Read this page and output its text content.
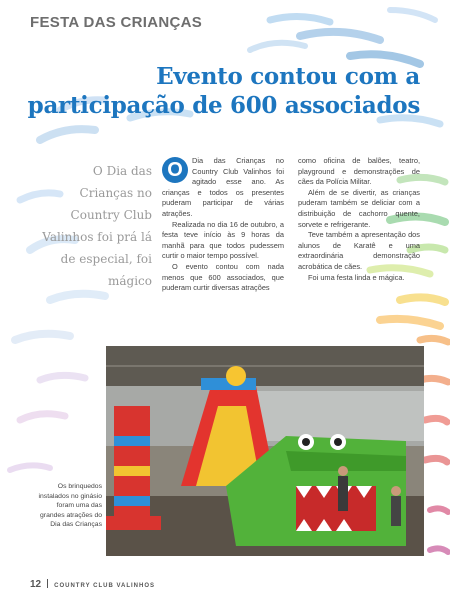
FESTA DAS CRIANÇAS
Evento contou com a
participação de 600 associados
O Dia das Crianças no Country Club Valinhos foi prá lá de especial, foi mágico

O	Dia das Crianças no Country Club Valinhos foi agitado esse ano. As crianças e todos os presentes puderam participar de várias atrações.

Realizada no dia 16 de outubro, a festa teve início às 9 horas da manhã para que todos pudessem curtir o maior tempo possível.

O evento contou com nada menos que 600 associados, que puderam curtir diversas atrações

como oficina de balões, teatro, playground e demonstrações de cães da Polícia Militar.

Além de se divertir, as crianças puderam também se deliciar com a distribuição de cachorro quente, sorvete e refrigerante.

Teve também a apresentação dos alunos de Karatê e uma extraordinária demonstração acrobática de cães.

Foi uma festa linda e mágica.

Os brinquedos instalados no ginásio foram uma das grandes atrações do Dia das Crianças
12 COUNTRY CLUB VALINHOS
